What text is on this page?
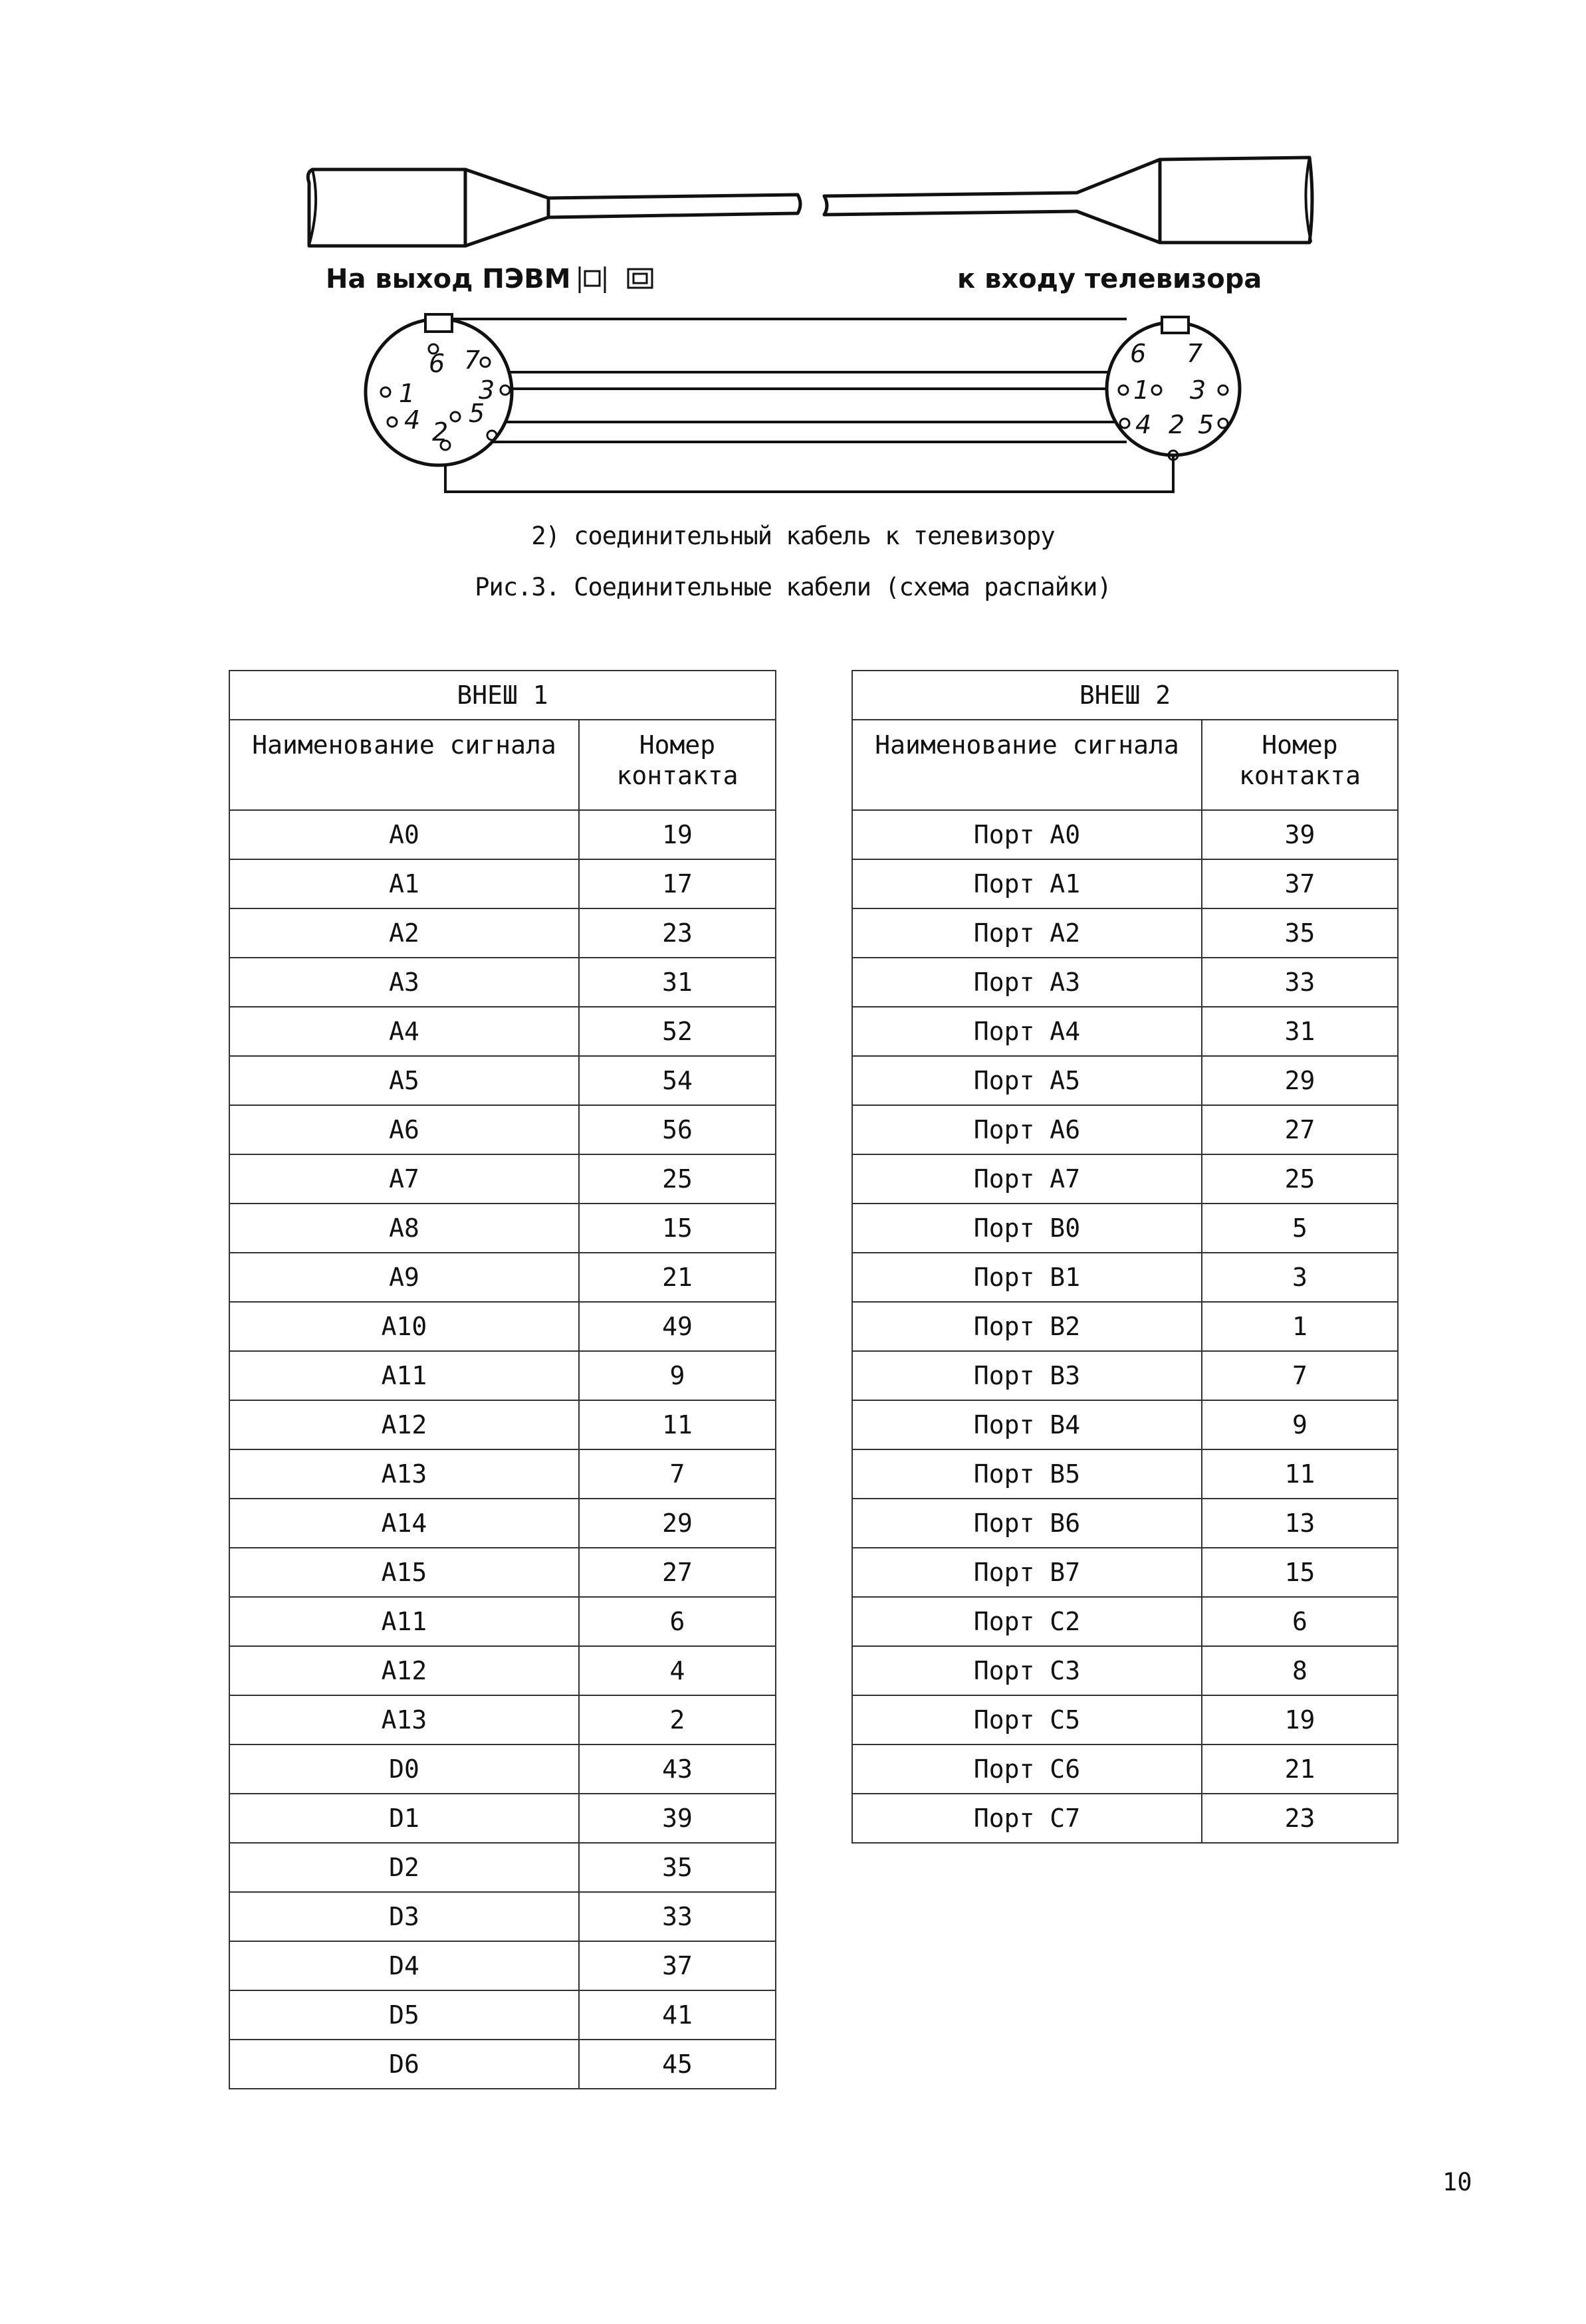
На выход ПЭВМ	к входу телевизора
6 7
1	3
4 5
2
6 7
1 3
4 2 5
2) соединительный кабель к телевизору
Рис.3. Соединительные кабели (схема распайки)
ВНЕШ 1	
Наименование сигнала	Номер
контакта
A0	19
A1	17
A2	23
A3	31
A4	52
A5	54
A6	56
A7	25
A8	15
A9	21
A10	49
A11	9
A12	11
A13	7
A14	29
A15	27
A11	6
A12	4
A13	2
D0	43
D1	39
D2	35
D3	33
D4	37
D5	41
D6	45
ВНЕШ 2	
Наименование сигнала	Номер
контакта
Порт А0	39
Порт А1	37
Порт А2	35
Порт А3	33
Порт А4	31
Порт А5	29
Порт А6	27
Порт А7	25
Порт В0	5
Порт В1	3
Порт В2	1
Порт В3	7
Порт В4	9
Порт В5	11
Порт В6	13
Порт В7	15
Порт С2	6
Порт С3	8
Порт С5	19
Порт С6	21
Порт С7	23
10
